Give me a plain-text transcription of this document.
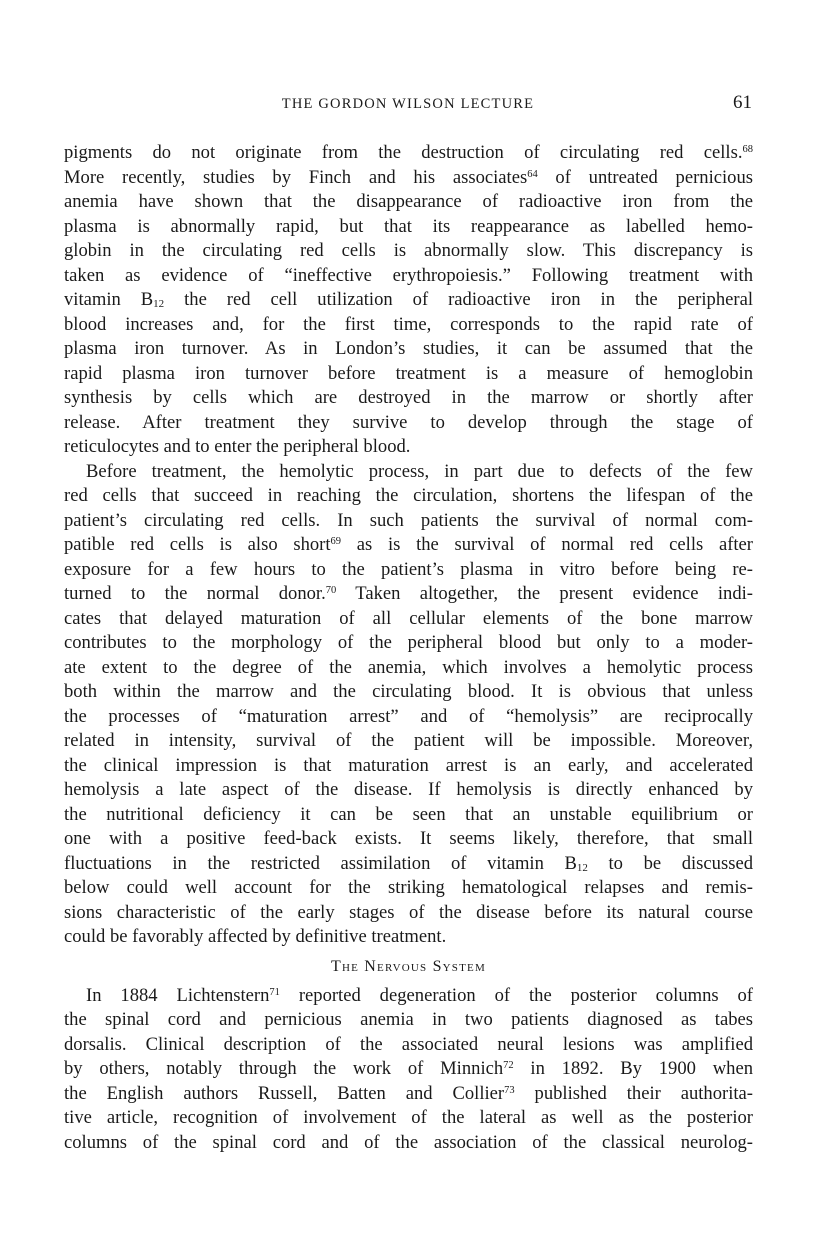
THE GORDON WILSON LECTURE	61
pigments do not originate from the destruction of circulating red cells.$^{68}$
More recently, studies by Finch and his associates$^{64}$ of untreated pernicious
anemia have shown that the disappearance of radioactive iron from the
plasma is abnormally rapid, but that its reappearance as labelled hemo-
globin in the circulating red cells is abnormally slow. This discrepancy is
taken as evidence of “ineffective erythropoiesis.” Following treatment with
vitamin $B_{12}$ the red cell utilization of radioactive iron in the peripheral
blood increases and, for the first time, corresponds to the rapid rate of
plasma iron turnover. As in London’s studies, it can be assumed that the
rapid plasma iron turnover before treatment is a measure of hemoglobin
synthesis by cells which are destroyed in the marrow or shortly after
release. After treatment they survive to develop through the stage of
reticulocytes and to enter the peripheral blood.
Before treatment, the hemolytic process, in part due to defects of the few
red cells that succeed in reaching the circulation, shortens the lifespan of the
patient’s circulating red cells. In such patients the survival of normal com-
patible red cells is also short$^{69}$ as is the survival of normal red cells after
exposure for a few hours to the patient’s plasma in vitro before being re-
turned to the normal donor.$^{70}$ Taken altogether, the present evidence indi-
cates that delayed maturation of all cellular elements of the bone marrow
contributes to the morphology of the peripheral blood but only to a moder-
ate extent to the degree of the anemia, which involves a hemolytic process
both within the marrow and the circulating blood. It is obvious that unless
the processes of “maturation arrest” and of “hemolysis” are reciprocally
related in intensity, survival of the patient will be impossible. Moreover,
the clinical impression is that maturation arrest is an early, and accelerated
hemolysis a late aspect of the disease. If hemolysis is directly enhanced by
the nutritional deficiency it can be seen that an unstable equilibrium or
one with a positive feed-back exists. It seems likely, therefore, that small
fluctuations in the restricted assimilation of vitamin $B_{12}$ to be discussed
below could well account for the striking hematological relapses and remis-
sions characteristic of the early stages of the disease before its natural course
could be favorably affected by definitive treatment.
The Nervous System
In 1884 Lichtenstern$^{71}$ reported degeneration of the posterior columns of
the spinal cord and pernicious anemia in two patients diagnosed as tabes
dorsalis. Clinical description of the associated neural lesions was amplified
by others, notably through the work of Minnich$^{72}$ in 1892. By 1900 when
the English authors Russell, Batten and Collier$^{73}$ published their authorita-
tive article, recognition of involvement of the lateral as well as the posterior
columns of the spinal cord and of the association of the classical neurolog-
